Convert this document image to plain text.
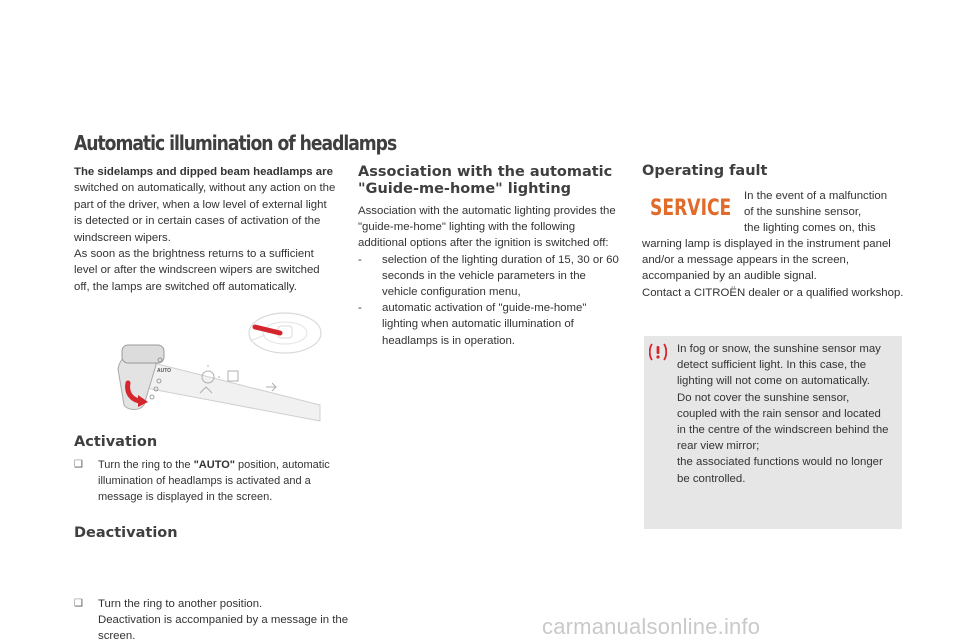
Automatic illumination of headlamps
The sidelamps and dipped beam headlamps are switched on automatically, without any action on the part of the driver, when a low level of external light is detected or in certain cases of activation of the windscreen wipers.
As soon as the brightness returns to a sufficient level or after the windscreen wipers are switched off, the lamps are switched off automatically.
AUTO
Activation
❑ Turn the ring to the "AUTO" position, automatic illumination of headlamps is activated and a message is displayed in the screen.
Deactivation
❑ Turn the ring to another position.
Deactivation is accompanied by a message in the screen.
Association with the automatic
"Guide-me-home" lighting
Association with the automatic lighting provides the "guide-me-home" lighting with the following additional options after the ignition is switched off:
- selection of the lighting duration of 15, 30 or 60 seconds in the vehicle parameters in the vehicle configuration menu,
- automatic activation of "guide-me-home" lighting when automatic illumination of headlamps is in operation.
Operating fault
SERVICE In the event of a malfunction
of the sunshine sensor,
the lighting comes on, this
warning lamp is displayed in the instrument panel and/or a message appears in the screen, accompanied by an audible signal.
Contact a CITROËN dealer or a qualified workshop.
In fog or snow, the sunshine sensor may detect sufficient light. In this case, the lighting will not come on automatically.
Do not cover the sunshine sensor, coupled with the rain sensor and located in the centre of the windscreen behind the rear view mirror;
the associated functions would no longer be controlled.
carmanualsonline.info
